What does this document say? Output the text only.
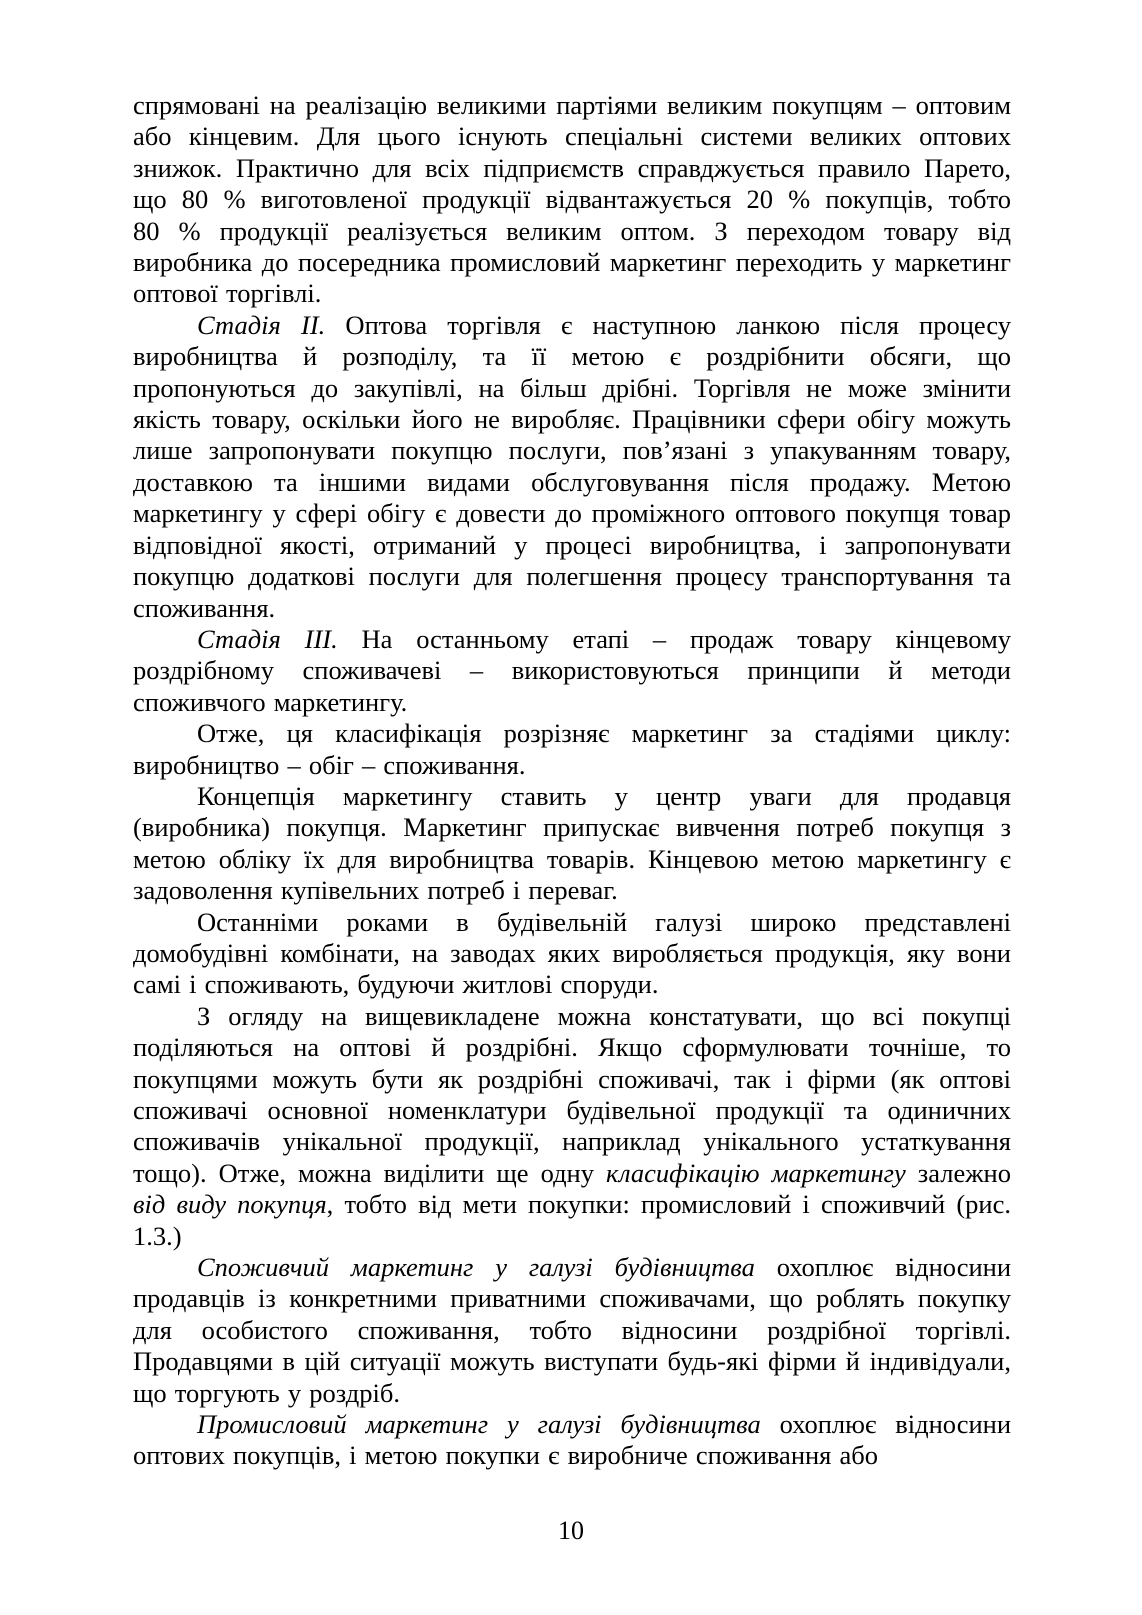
спрямовані на реалізацію великими партіями великим покупцям – оптовим або кінцевим. Для цього існують спеціальні системи великих оптових знижок. Практично для всіх підприємств справджується правило Парето, що 80 % виготовленої продукції відвантажується 20 % покупців, тобто 80 % продукції реалізується великим оптом. З переходом товару від виробника до посередника промисловий маркетинг переходить у маркетинг оптової торгівлі.

Стадія ІІ. Оптова торгівля є наступною ланкою після процесу виробництва й розподілу, та її метою є роздрібнити обсяги, що пропонуються до закупівлі, на більш дрібні. Торгівля не може змінити якість товару, оскільки його не виробляє. Працівники сфери обігу можуть лише запропонувати покупцю послуги, пов’язані з упакуванням товару, доставкою та іншими видами обслуговування після продажу. Метою маркетингу у сфері обігу є довести до проміжного оптового покупця товар відповідної якості, отриманий у процесі виробництва, і запропонувати покупцю додаткові послуги для полегшення процесу транспортування та споживання.

Стадія ІІІ. На останньому етапі – продаж товару кінцевому роздрібному споживачеві – використовуються принципи й методи споживчого маркетингу.

Отже, ця класифікація розрізняє маркетинг за стадіями циклу: виробництво – обіг – споживання.

Концепція маркетингу ставить у центр уваги для продавця (виробника) покупця. Маркетинг припускає вивчення потреб покупця з метою обліку їх для виробництва товарів. Кінцевою метою маркетингу є задоволення купівельних потреб і переваг.

Останніми роками в будівельній галузі широко представлені домобудівні комбінати, на заводах яких виробляється продукція, яку вони самі і споживають, будуючи житлові споруди.

З огляду на вищевикладене можна констатувати, що всі покупці поділяються на оптові й роздрібні. Якщо сформулювати точніше, то покупцями можуть бути як роздрібні споживачі, так і фірми (як оптові споживачі основної номенклатури будівельної продукції та одиничних споживачів унікальної продукції, наприклад унікального устаткування тощо). Отже, можна виділити ще одну класифікацію маркетингу залежно від виду покупця, тобто від мети покупки: промисловий і споживчий (рис. 1.3.)

Споживчий маркетинг у галузі будівництва охоплює відносини продавців із конкретними приватними споживачами, що роблять покупку для особистого споживання, тобто відносини роздрібної торгівлі. Продавцями в цій ситуації можуть виступати будь-які фірми й індивідуали, що торгують у роздріб.

Промисловий маркетинг у галузі будівництва охоплює відносини оптових покупців, і метою покупки є виробниче споживання або

10
